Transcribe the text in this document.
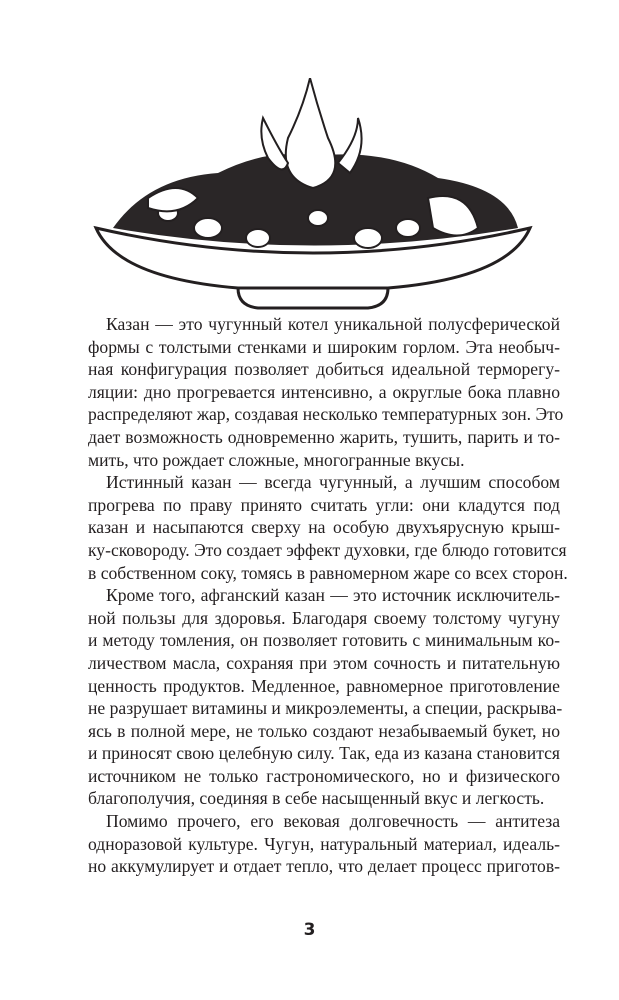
Казан — это чугунный котел уникальной полусферической
формы с толстыми стенками и широким горлом. Эта необыч-
ная конфигурация позволяет добиться идеальной терморегу-
ляции: дно прогревается интенсивно, а округлые бока плавно
распределяют жар, создавая несколько температурных зон. Это
дает возможность одновременно жарить, тушить, парить и то-
мить, что рождает сложные, многогранные вкусы.
Истинный казан — всегда чугунный, а лучшим способом
прогрева по праву принято считать угли: они кладутся под
казан и насыпаются сверху на особую двухъярусную крыш-
ку-сковороду. Это создает эффект духовки, где блюдо готовится
в собственном соку, томясь в равномерном жаре со всех сторон.
Кроме того, афганский казан — это источник исключитель-
ной пользы для здоровья. Благодаря своему толстому чугуну
и методу томления, он позволяет готовить с минимальным ко-
личеством масла, сохраняя при этом сочность и питательную
ценность продуктов. Медленное, равномерное приготовление
не разрушает витамины и микроэлементы, а специи, раскрыва-
ясь в полной мере, не только создают незабываемый букет, но
и приносят свою целебную силу. Так, еда из казана становится
источником не только гастрономического, но и физического
благополучия, соединяя в себе насыщенный вкус и легкость.
Помимо прочего, его вековая долговечность — антитеза
одноразовой культуре. Чугун, натуральный материал, идеаль-
но аккумулирует и отдает тепло, что делает процесс приготов-
3
